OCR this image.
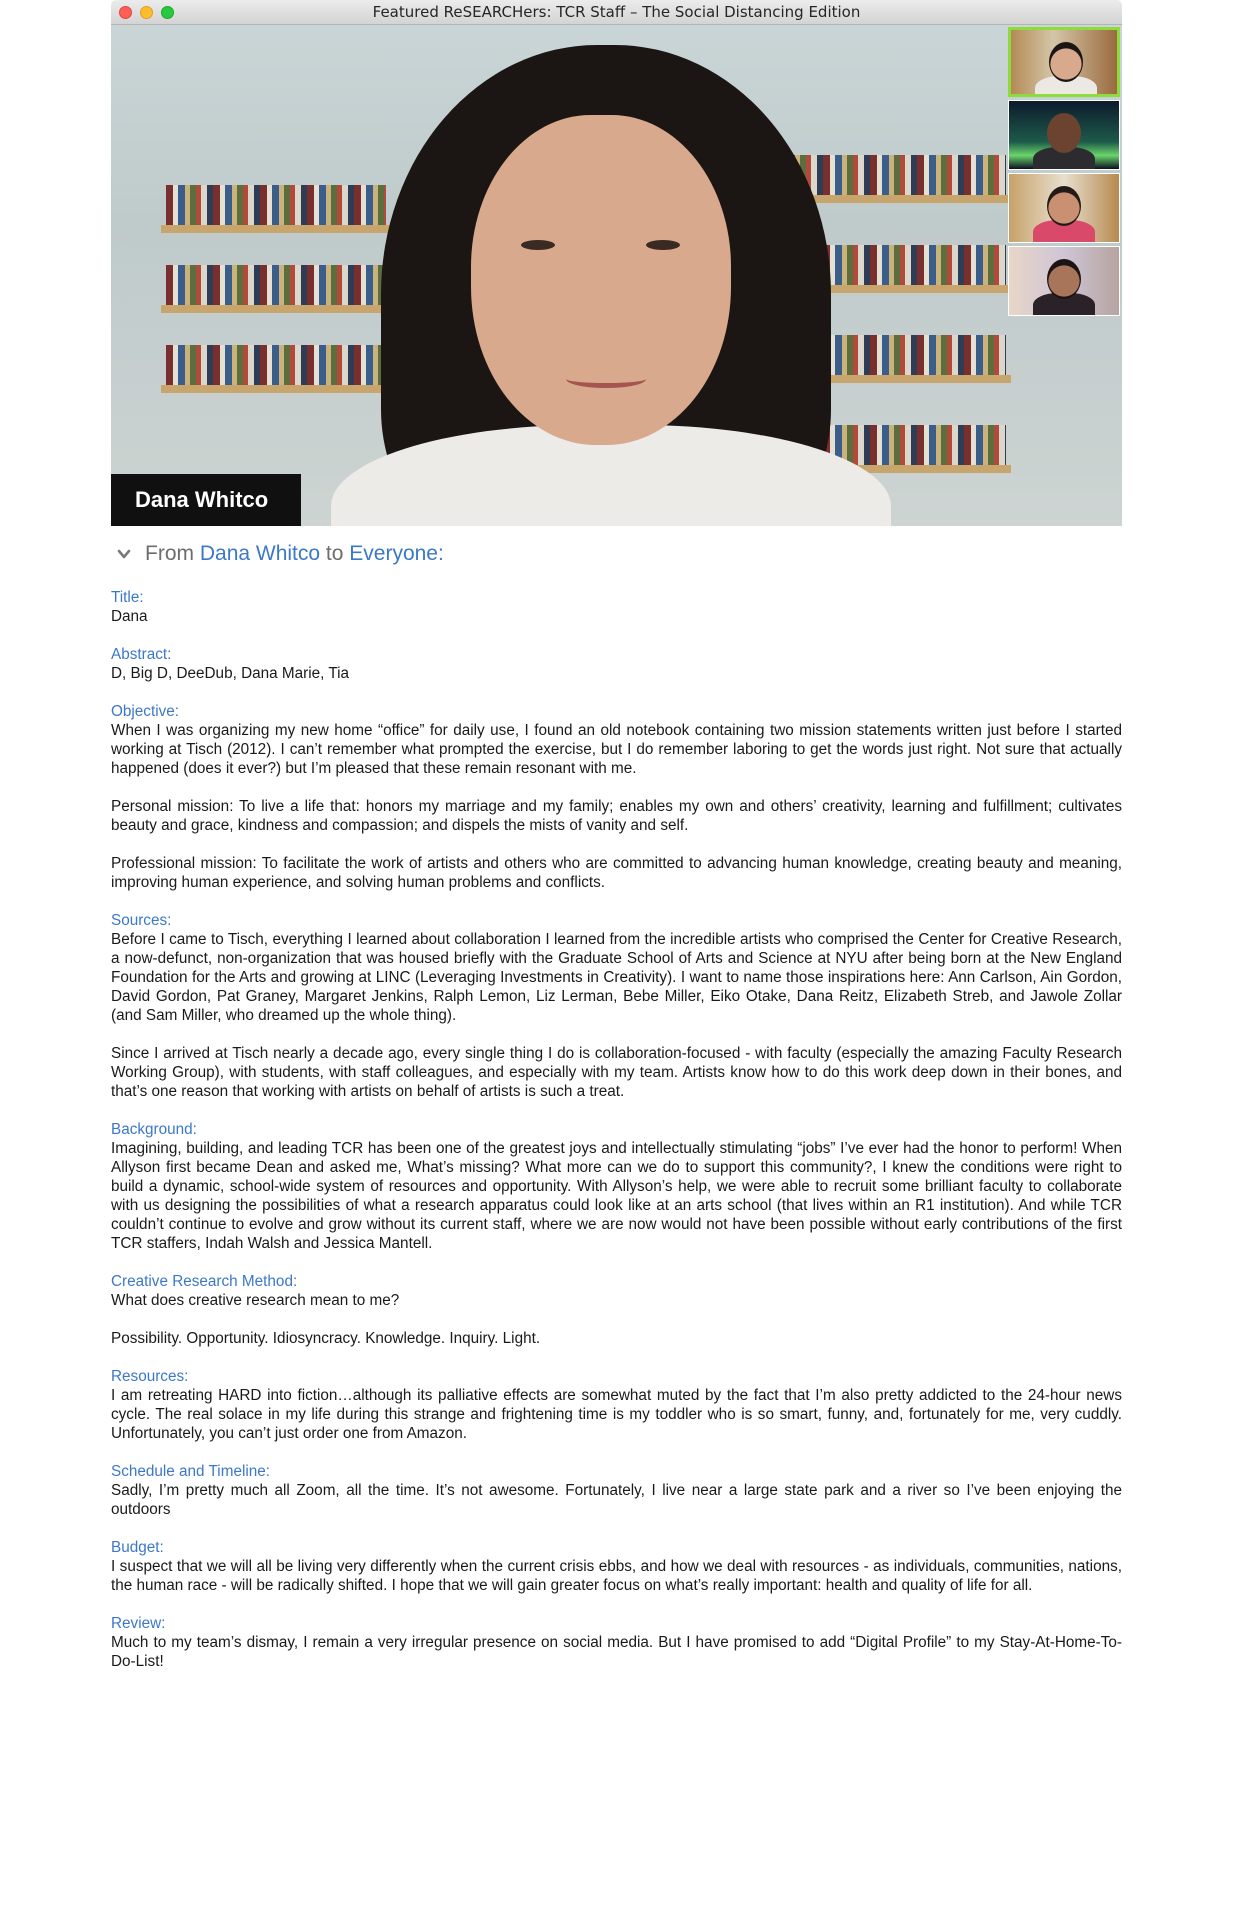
Featured ReSEARCHers: TCR Staff – The Social Distancing Edition
Dana Whitco
From Dana Whitco to Everyone:
Title:
Dana
Abstract:
D, Big D, DeeDub, Dana Marie, Tia
Objective:
When I was organizing my new home “office” for daily use, I found an old notebook containing two mission statements written just before I started working at Tisch (2012). I can’t remember what prompted the exercise, but I do remember laboring to get the words just right. Not sure that actually happened (does it ever?) but I’m pleased that these remain resonant with me.
Personal mission: To live a life that: honors my marriage and my family; enables my own and others’ creativity, learning and fulfillment; cultivates beauty and grace, kindness and compassion; and dispels the mists of vanity and self.
Professional mission: To facilitate the work of artists and others who are committed to advancing human knowledge, creating beauty and meaning, improving human experience, and solving human problems and conflicts.
Sources:
Before I came to Tisch, everything I learned about collaboration I learned from the incredible artists who comprised the Center for Creative Research, a now-defunct, non-organization that was housed briefly with the Graduate School of Arts and Science at NYU after being born at the New England Foundation for the Arts and growing at LINC (Leveraging Investments in Creativity). I want to name those inspirations here: Ann Carlson, Ain Gordon, David Gordon, Pat Graney, Margaret Jenkins, Ralph Lemon, Liz Lerman, Bebe Miller, Eiko Otake, Dana Reitz, Elizabeth Streb, and Jawole Zollar (and Sam Miller, who dreamed up the whole thing).
Since I arrived at Tisch nearly a decade ago, every single thing I do is collaboration-focused - with faculty (especially the amazing Faculty Research Working Group), with students, with staff colleagues, and especially with my team. Artists know how to do this work deep down in their bones, and that’s one reason that working with artists on behalf of artists is such a treat.
Background:
Imagining, building, and leading TCR has been one of the greatest joys and intellectually stimulating “jobs” I’ve ever had the honor to perform! When Allyson first became Dean and asked me, What’s missing? What more can we do to support this community?, I knew the conditions were right to build a dynamic, school-wide system of resources and opportunity. With Allyson’s help, we were able to recruit some brilliant faculty to collaborate with us designing the possibilities of what a research apparatus could look like at an arts school (that lives within an R1 institution). And while TCR couldn’t continue to evolve and grow without its current staff, where we are now would not have been possible without early contributions of the first TCR staffers, Indah Walsh and Jessica Mantell.
Creative Research Method:
What does creative research mean to me?
Possibility. Opportunity. Idiosyncracy. Knowledge. Inquiry. Light.
Resources:
I am retreating HARD into fiction…although its palliative effects are somewhat muted by the fact that I’m also pretty addicted to the 24-hour news cycle. The real solace in my life during this strange and frightening time is my toddler who is so smart, funny, and, fortunately for me, very cuddly. Unfortunately, you can’t just order one from Amazon.
Schedule and Timeline:
Sadly, I’m pretty much all Zoom, all the time. It’s not awesome. Fortunately, I live near a large state park and a river so I’ve been enjoying the outdoors
Budget:
I suspect that we will all be living very differently when the current crisis ebbs, and how we deal with resources - as individuals, communities, nations, the human race - will be radically shifted. I hope that we will gain greater focus on what’s really important: health and quality of life for all.
Review:
Much to my team’s dismay, I remain a very irregular presence on social media. But I have promised to add “Digital Profile” to my Stay-At-Home-To-Do-List!
